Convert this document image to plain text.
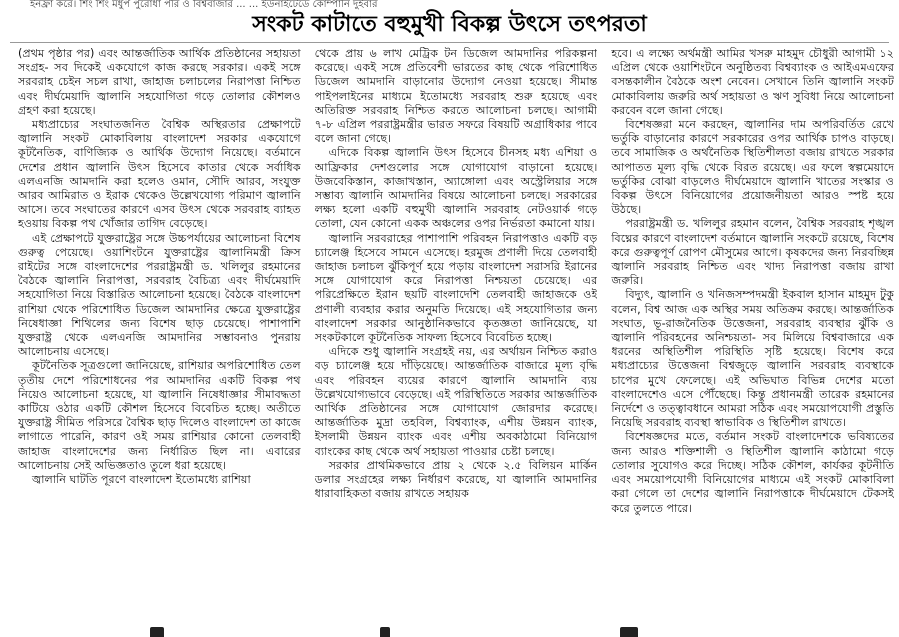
ইনফ্রা করে। শিং শিং মধুপ পুরোধা পরি ও বিশ্ববাজার ... ... ইউনাইটেডে কোম্পানি দুইবার
সংকট কাটাতে বহুমুখী বিকল্প উৎসে তৎপরতা

(প্রথম পৃষ্ঠার পর) এবং আন্তর্জাতিক আর্থিক প্রতিষ্ঠানের সহায়তা সংগ্রহ- সব দিকেই একযোগে কাজ করছে সরকার। একই সঙ্গে সরবরাহ চেইন সচল রাখা, জাহাজ চলাচলের নিরাপত্তা নিশ্চিত এবং দীর্ঘমেয়াদি জ্বালানি সহযোগিতা গড়ে তোলার কৌশলও গ্রহণ করা হয়েছে।

মধ্যপ্রাচ্যের সংঘাতজনিত বৈশ্বিক অস্থিরতার প্রেক্ষাপটে জ্বালানি সংকট মোকাবিলায় বাংলাদেশ সরকার একযোগে কূটনৈতিক, বাণিজ্যিক ও আর্থিক উদ্যোগ নিয়েছে। বর্তমানে দেশের প্রধান জ্বালানি উৎস হিসেবে কাতার থেকে সর্বাধিক এলএনজি আমদানি করা হলেও ওমান, সৌদি আরব, সংযুক্ত আরব আমিরাত ও ইরাক থেকেও উল্লেখযোগ্য পরিমাণ জ্বালানি আসে। তবে সংঘাতের কারণে এসব উৎস থেকে সরবরাহ ব্যাহত হওয়ায় বিকল্প পথ খোঁজার তাগিদ বেড়েছে।

এই প্রেক্ষাপটে যুক্তরাষ্ট্রের সঙ্গে উচ্চপর্যায়ের আলোচনা বিশেষ গুরুত্ব পেয়েছে। ওয়াশিংটনে যুক্তরাষ্ট্রের জ্বালানিমন্ত্রী ক্রিস রাইটের সঙ্গে বাংলাদেশের পররাষ্ট্রমন্ত্রী ড. খলিলুর রহমানের বৈঠকে জ্বালানি নিরাপত্তা, সরবরাহ বৈচিত্র্য এবং দীর্ঘমেয়াদি সহযোগিতা নিয়ে বিস্তারিত আলোচনা হয়েছে। বৈঠকে বাংলাদেশ রাশিয়া থেকে পরিশোধিত ডিজেল আমদানির ক্ষেত্রে যুক্তরাষ্ট্রের নিষেধাজ্ঞা শিথিলের জন্য বিশেষ ছাড় চেয়েছে। পাশাপাশি যুক্তরাষ্ট্র থেকে এলএনজি আমদানির সম্ভাবনাও পুনরায় আলোচনায় এসেছে।

কূটনৈতিক সূত্রগুলো জানিয়েছে, রাশিয়ার অপরিশোধিত তেল তৃতীয় দেশে পরিশোধনের পর আমদানির একটি বিকল্প পথ নিয়েও আলোচনা হয়েছে, যা জ্বালানি নিষেধাজ্ঞার সীমাবদ্ধতা কাটিয়ে ওঠার একটি কৌশল হিসেবে বিবেচিত হচ্ছে। অতীতে যুক্তরাষ্ট্র সীমিত পরিসরে বৈশ্বিক ছাড় দিলেও বাংলাদেশ তা কাজে লাগাতে পারেনি, কারণ ওই সময় রাশিয়ার কোনো তেলবাহী জাহাজ বাংলাদেশের জন্য নির্ধারিত ছিল না। এবারের আলোচনায় সেই অভিজ্ঞতাও তুলে ধরা হয়েছে।

জ্বালানি ঘাটতি পূরণে বাংলাদেশ ইতোমধ্যে রাশিয়া

থেকে প্রায় ৬ লাখ মেট্রিক টন ডিজেল আমদানির পরিকল্পনা করেছে। একই সঙ্গে প্রতিবেশী ভারতের কাছ থেকে পরিশোধিত ডিজেল আমদানি বাড়ানোর উদ্যোগ নেওয়া হয়েছে। সীমান্ত পাইপলাইনের মাধ্যমে ইতোমধ্যে সরবরাহ শুরু হয়েছে এবং অতিরিক্ত সরবরাহ নিশ্চিত করতে আলোচনা চলছে। আগামী ৭-৮ এপ্রিল পররাষ্ট্রমন্ত্রীর ভারত সফরে বিষয়টি অগ্রাধিকার পাবে বলে জানা গেছে।

এদিকে বিকল্প জ্বালানি উৎস হিসেবে চীনসহ মধ্য এশিয়া ও আফ্রিকার দেশগুলোর সঙ্গে যোগাযোগ বাড়ানো হয়েছে। উজবেকিস্তান, কাজাখস্তান, অ্যাঙ্গোলা এবং অস্ট্রেলিয়ার সঙ্গে সম্ভাব্য জ্বালানি আমদানির বিষয়ে আলোচনা চলছে। সরকারের লক্ষ্য হলো একটি বহুমুখী জ্বালানি সরবরাহ নেটওয়ার্ক গড়ে তোলা, যেন কোনো একক অঞ্চলের ওপর নির্ভরতা কমানো যায়।

জ্বালানি সরবরাহের পাশাপাশি পরিবহন নিরাপত্তাও একটি বড় চ্যালেঞ্জ হিসেবে সামনে এসেছে। হরমুজ প্রণালী দিয়ে তেলবাহী জাহাজ চলাচল ঝুঁকিপূর্ণ হয়ে পড়ায় বাংলাদেশ সরাসরি ইরানের সঙ্গে যোগাযোগ করে নিরাপত্তা নিশ্চয়তা চেয়েছে। এর পরিপ্রেক্ষিতে ইরান ছয়টি বাংলাদেশি তেলবাহী জাহাজকে ওই প্রণালী ব্যবহার করার অনুমতি দিয়েছে। এই সহযোগিতার জন্য বাংলাদেশ সরকার আনুষ্ঠানিকভাবে কৃতজ্ঞতা জানিয়েছে, যা সংকটকালে কূটনৈতিক সাফল্য হিসেবে বিবেচিত হচ্ছে।

এদিকে শুধু জ্বালানি সংগ্রহই নয়, এর অর্থায়ন নিশ্চিত করাও বড় চ্যালেঞ্জ হয়ে দাঁড়িয়েছে। আন্তর্জাতিক বাজারে মূল্য বৃদ্ধি এবং পরিবহন ব্যয়ের কারণে জ্বালানি আমদানি ব্যয় উল্লেখযোগ্যভাবে বেড়েছে। এই পরিস্থিতিতে সরকার আন্তর্জাতিক আর্থিক প্রতিষ্ঠানের সঙ্গে যোগাযোগ জোরদার করেছে। আন্তর্জাতিক মুদ্রা তহবিল, বিশ্বব্যাংক, এশীয় উন্নয়ন ব্যাংক, ইসলামী উন্নয়ন ব্যাংক এবং এশীয় অবকাঠামো বিনিয়োগ ব্যাংকের কাছ থেকে অর্থ সহায়তা পাওয়ার চেষ্টা চলছে।

সরকার প্রাথমিকভাবে প্রায় ২ থেকে ২.৫ বিলিয়ন মার্কিন ডলার সংগ্রহের লক্ষ্য নির্ধারণ করেছে, যা জ্বালানি আমদানির ধারাবাহিকতা বজায় রাখতে সহায়ক

হবে। এ লক্ষ্যে অর্থমন্ত্রী আমির খসরু মাহমুদ চৌধুরী আগামী ১২ এপ্রিল থেকে ওয়াশিংটনে অনুষ্ঠিতব্য বিশ্বব্যাংক ও আইএমএফের বসন্তকালীন বৈঠকে অংশ নেবেন। সেখানে তিনি জ্বালানি সংকট মোকাবিলায় জরুরি অর্থ সহায়তা ও ঋণ সুবিধা নিয়ে আলোচনা করবেন বলে জানা গেছে।

বিশেষজ্ঞরা মনে করছেন, জ্বালানির দাম অপরিবর্তিত রেখে ভর্তুকি বাড়ানোর কারণে সরকারের ওপর আর্থিক চাপও বাড়ছে। তবে সামাজিক ও অর্থনৈতিক স্থিতিশীলতা বজায় রাখতে সরকার আপাতত মূল্য বৃদ্ধি থেকে বিরত রয়েছে। এর ফলে স্বল্পমেয়াদে ভর্তুকির বোঝা বাড়লেও দীর্ঘমেয়াদে জ্বালানি খাতের সংস্কার ও বিকল্প উৎসে বিনিয়োগের প্রয়োজনীয়তা আরও স্পষ্ট হয়ে উঠছে।

পররাষ্ট্রমন্ত্রী ড. খলিলুর রহমান বলেন, বৈশ্বিক সরবরাহ শৃঙ্খল বিঘ্নের কারণে বাংলাদেশ বর্তমানে জ্বালানি সংকটে রয়েছে, বিশেষ করে গুরুত্বপূর্ণ রোপণ মৌসুমের আগে। কৃষকদের জন্য নিরবচ্ছিন্ন জ্বালানি সরবরাহ নিশ্চিত এবং খাদ্য নিরাপত্তা বজায় রাখা জরুরি।

বিদ্যুৎ, জ্বালানি ও খনিজসম্পদমন্ত্রী ইকবাল হাসান মাহমুদ টুকু বলেন, বিশ্ব আজ এক অস্থির সময় অতিক্রম করছে। আন্তর্জাতিক সংঘাত, ভূ-রাজনৈতিক উত্তেজনা, সরবরাহ ব্যবস্থার ঝুঁকি ও জ্বালানি পরিবহনের অনিশ্চয়তা- সব মিলিয়ে বিশ্ববাজারে এক ধরনের অস্থিতিশীল পরিস্থিতি সৃষ্টি হয়েছে। বিশেষ করে মধ্যপ্রাচ্যের উত্তেজনা বিশ্বজুড়ে জ্বালানি সরবরাহ ব্যবস্থাকে চাপের মুখে ফেলেছে। এই অভিঘাত বিভিন্ন দেশের মতো বাংলাদেশেও এসে পৌঁছেছে। কিন্তু প্রধানমন্ত্রী তারেক রহমানের নির্দেশে ও তত্ত্বাবধানে আমরা সঠিক এবং সময়োপযোগী প্রস্তুতি নিয়েছি সরবরাহ ব্যবস্থা স্বাভাবিক ও স্থিতিশীল রাখতে।

বিশেষজ্ঞদের মতে, বর্তমান সংকট বাংলাদেশকে ভবিষ্যতের জন্য আরও শক্তিশালী ও স্থিতিশীল জ্বালানি কাঠামো গড়ে তোলার সুযোগও করে দিচ্ছে। সঠিক কৌশল, কার্যকর কূটনীতি এবং সময়োপযোগী বিনিয়োগের মাধ্যমে এই সংকট মোকাবিলা করা গেলে তা দেশের জ্বালানি নিরাপত্তাকে দীর্ঘমেয়াদে টেকসই করে তুলতে পারে।
